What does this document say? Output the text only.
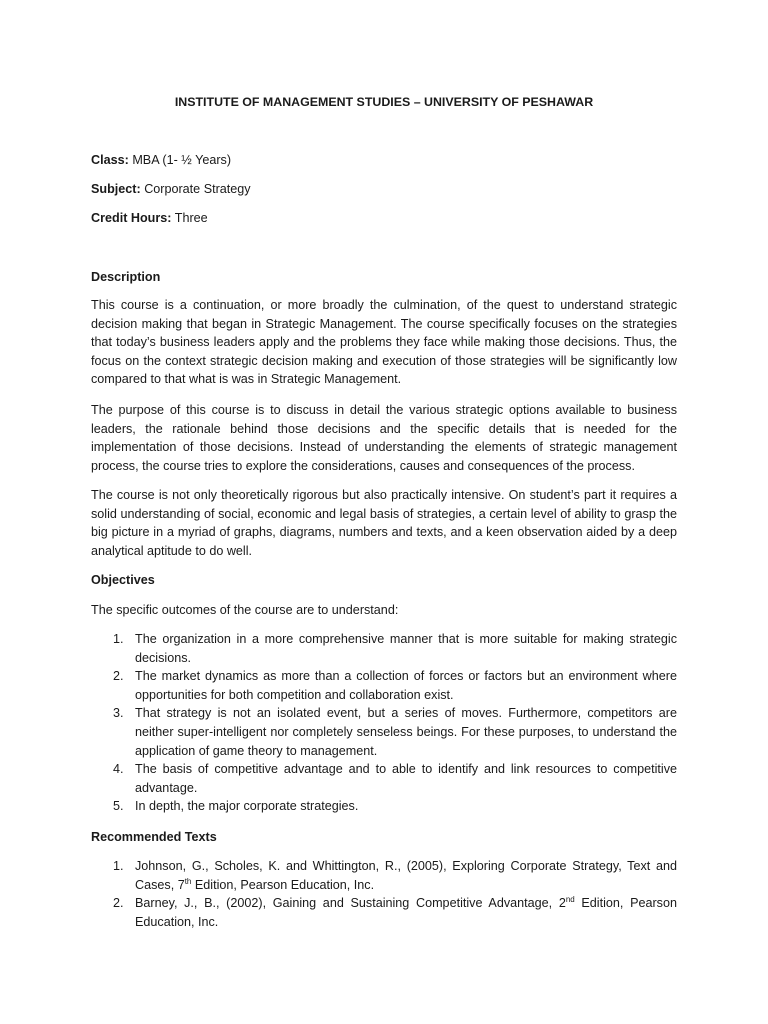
INSTITUTE OF MANAGEMENT STUDIES – UNIVERSITY OF PESHAWAR
Class: MBA (1- ½ Years)
Subject: Corporate Strategy
Credit Hours: Three
Description

This course is a continuation, or more broadly the culmination, of the quest to understand strategic decision making that began in Strategic Management. The course specifically focuses on the strategies that today’s business leaders apply and the problems they face while making those decisions. Thus, the focus on the context strategic decision making and execution of those strategies will be significantly low compared to that what is was in Strategic Management.

The purpose of this course is to discuss in detail the various strategic options available to business leaders, the rationale behind those decisions and the specific details that is needed for the implementation of those decisions. Instead of understanding the elements of strategic management process, the course tries to explore the considerations, causes and consequences of the process.

The course is not only theoretically rigorous but also practically intensive. On student’s part it requires a solid understanding of social, economic and legal basis of strategies, a certain level of ability to grasp the big picture in a myriad of graphs, diagrams, numbers and texts, and a keen observation aided by a deep analytical aptitude to do well.

Objectives
The specific outcomes of the course are to understand:
1. The organization in a more comprehensive manner that is more suitable for making strategic decisions.
2. The market dynamics as more than a collection of forces or factors but an environment where opportunities for both competition and collaboration exist.
3. That strategy is not an isolated event, but a series of moves. Furthermore, competitors are neither super-intelligent nor completely senseless beings. For these purposes, to understand the application of game theory to management.
4. The basis of competitive advantage and to able to identify and link resources to competitive advantage.
5. In depth, the major corporate strategies.
Recommended Texts
1. Johnson, G., Scholes, K. and Whittington, R., (2005), Exploring Corporate Strategy, Text and Cases, 7th Edition, Pearson Education, Inc.
2. Barney, J., B., (2002), Gaining and Sustaining Competitive Advantage, 2nd Edition, Pearson Education, Inc.
